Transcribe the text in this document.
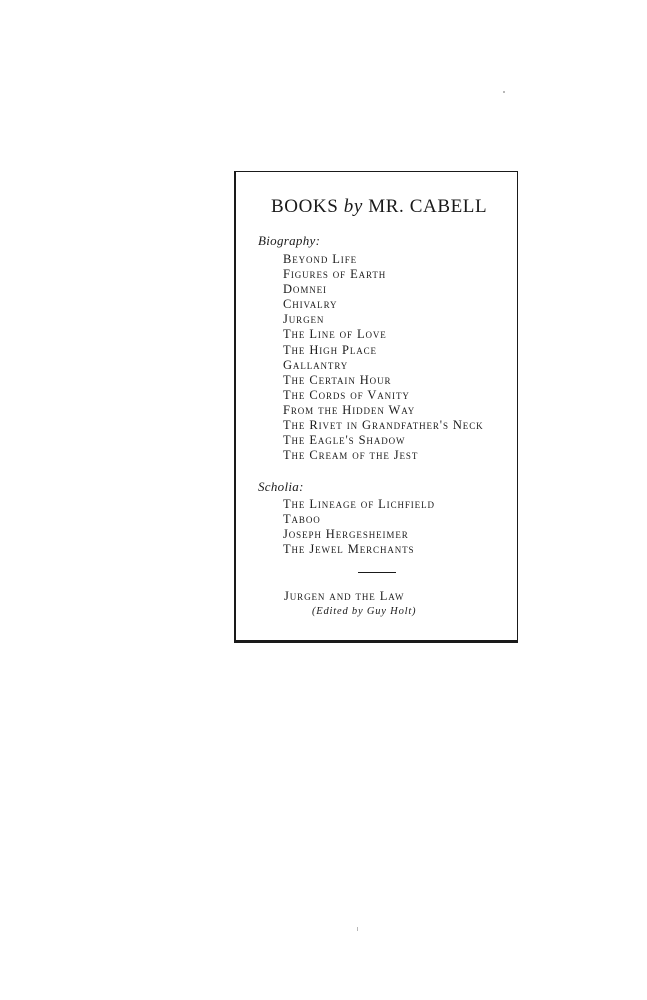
BOOKS by MR. CABELL
Biography:
Beyond Life
Figures of Earth
Domnei
Chivalry
Jurgen
The Line of Love
The High Place
Gallantry
The Certain Hour
The Cords of Vanity
From the Hidden Way
The Rivet in Grandfather's Neck
The Eagle's Shadow
The Cream of the Jest
Scholia:
The Lineage of Lichfield
Taboo
Joseph Hergesheimer
The Jewel Merchants
Jurgen and the Law
(Edited by Guy Holt)
